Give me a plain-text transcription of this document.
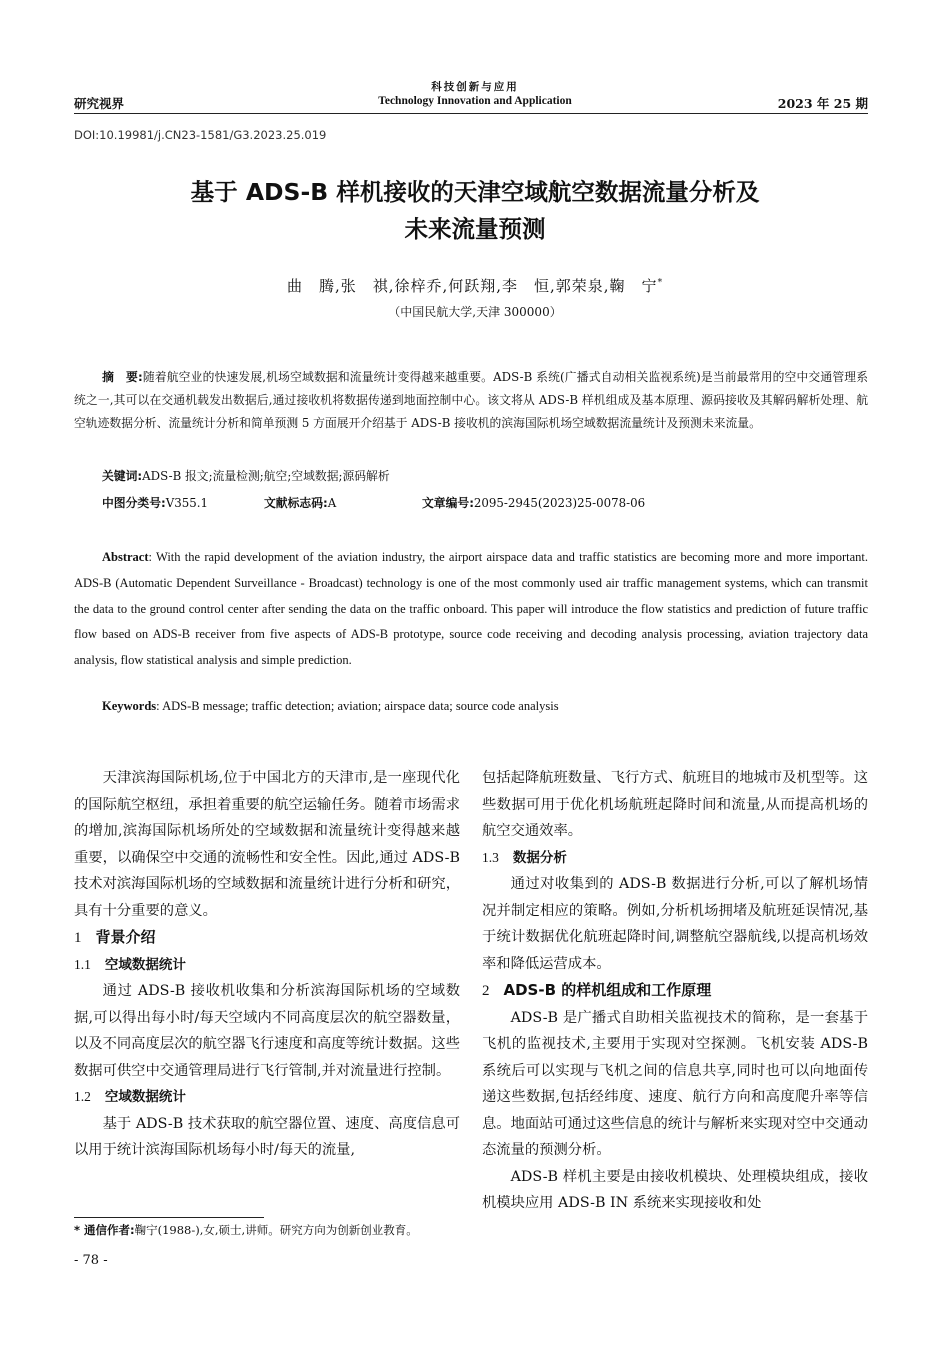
研究视界
科技创新与应用
Technology Innovation and Application	2023 年 25 期
DOI:10.19981/j.CN23-1581/G3.2023.25.019
基于 ADS-B 样机接收的天津空域航空数据流量分析及
未来流量预测
曲　腾,张　祺,徐梓乔,何跃翔,李　恒,郭荣泉,鞠　宁*
（中国民航大学,天津 300000）
摘　要:随着航空业的快速发展,机场空域数据和流量统计变得越来越重要。ADS-B 系统(广播式自动相关监视系统)是当前最常用的空中交通管理系统之一,其可以在交通机载发出数据后,通过接收机将数据传递到地面控制中心。该文将从 ADS-B 样机组成及基本原理、源码接收及其解码解析处理、航空轨迹数据分析、流量统计分析和简单预测 5 方面展开介绍基于 ADS-B 接收机的滨海国际机场空域数据流量统计及预测未来流量。
关键词:ADS-B 报文;流量检测;航空;空域数据;源码解析
中图分类号:V355.1	文献标志码:A	文章编号:2095-2945(2023)25-0078-06
Abstract: With the rapid development of the aviation industry, the airport airspace data and traffic statistics are becoming more and more important. ADS-B (Automatic Dependent Surveillance - Broadcast) technology is one of the most commonly used air traffic management systems, which can transmit the data to the ground control center after sending the data on the traffic onboard. This paper will introduce the flow statistics and prediction of future traffic flow based on ADS-B receiver from five aspects of ADS-B prototype, source code receiving and decoding analysis processing, aviation trajectory data analysis, flow statistical analysis and simple prediction.
Keywords: ADS-B message; traffic detection; aviation; airspace data; source code analysis

天津滨海国际机场,位于中国北方的天津市,是一座现代化的国际航空枢纽，承担着重要的航空运输任务。随着市场需求的增加,滨海国际机场所处的空域数据和流量统计变得越来越重要，以确保空中交通的流畅性和安全性。因此,通过 ADS-B 技术对滨海国际机场的空域数据和流量统计进行分析和研究，具有十分重要的意义。

1 背景介绍
1.1 空域数据统计

通过 ADS-B 接收机收集和分析滨海国际机场的空域数据,可以得出每小时/每天空域内不同高度层次的航空器数量，以及不同高度层次的航空器飞行速度和高度等统计数据。这些数据可供空中交通管理局进行飞行管制,并对流量进行控制。

1.2 空域数据统计

基于 ADS-B 技术获取的航空器位置、速度、高度信息可以用于统计滨海国际机场每小时/每天的流量,

包括起降航班数量、飞行方式、航班目的地城市及机型等。这些数据可用于优化机场航班起降时间和流量,从而提高机场的航空交通效率。

1.3 数据分析

通过对收集到的 ADS-B 数据进行分析,可以了解机场情况并制定相应的策略。例如,分析机场拥堵及航班延误情况,基于统计数据优化航班起降时间,调整航空器航线,以提高机场效率和降低运营成本。

2 ADS-B 的样机组成和工作原理

ADS-B 是广播式自助相关监视技术的简称，是一套基于飞机的监视技术,主要用于实现对空探测。飞机安装 ADS-B 系统后可以实现与飞机之间的信息共享,同时也可以向地面传递这些数据,包括经纬度、速度、航行方向和高度爬升率等信息。地面站可通过这些信息的统计与解析来实现对空中交通动态流量的预测分析。

ADS-B 样机主要是由接收机模块、处理模块组成，接收机模块应用 ADS-B IN 系统来实现接收和处

* 通信作者:鞠宁(1988-),女,硕士,讲师。研究方向为创新创业教育。
- 78 -
